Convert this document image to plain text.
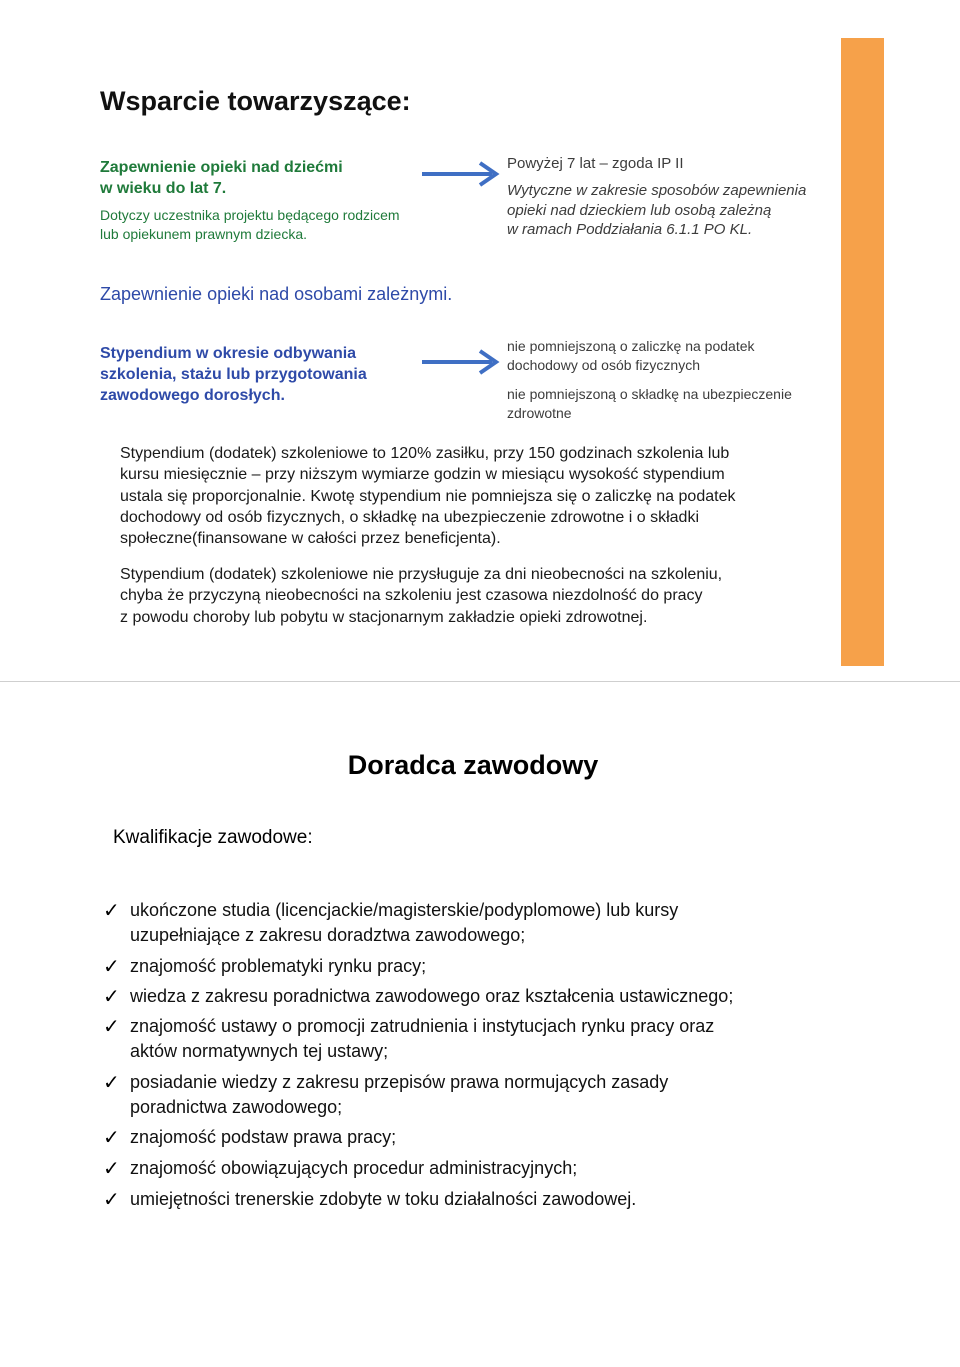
Wsparcie towarzyszące:
Zapewnienie opieki nad dziećmi
w wieku do lat 7.
Dotyczy uczestnika projektu będącego rodzicem
lub opiekunem prawnym dziecka.
Powyżej 7 lat – zgoda IP II
Wytyczne w zakresie sposobów zapewnienia
opieki nad dzieckiem lub osobą zależną
w ramach Poddziałania 6.1.1 PO KL.
Zapewnienie opieki nad osobami zależnymi.
Stypendium w okresie odbywania
szkolenia, stażu lub przygotowania
zawodowego dorosłych.
nie pomniejszoną o zaliczkę na podatek
dochodowy od osób fizycznych
nie pomniejszoną o składkę na ubezpieczenie
zdrowotne
Stypendium (dodatek) szkoleniowe to 120% zasiłku, przy 150 godzinach szkolenia lub
kursu miesięcznie – przy niższym wymiarze godzin w miesiącu wysokość stypendium
ustala się proporcjonalnie. Kwotę stypendium nie pomniejsza się o zaliczkę na podatek
dochodowy od osób fizycznych, o składkę na ubezpieczenie zdrowotne i o składki
społeczne(finansowane w całości przez beneficjenta).
Stypendium (dodatek) szkoleniowe nie przysługuje za dni nieobecności na szkoleniu,
chyba że przyczyną nieobecności na szkoleniu jest czasowa niezdolność do pracy
z powodu choroby lub pobytu w stacjonarnym zakładzie opieki zdrowotnej.
Doradca zawodowy
Kwalifikacje zawodowe:
✓ ukończone studia (licencjackie/magisterskie/podyplomowe) lub kursy
uzupełniające z zakresu doradztwa zawodowego;
✓ znajomość problematyki rynku pracy;
✓ wiedza z zakresu poradnictwa zawodowego oraz kształcenia ustawicznego;
✓ znajomość ustawy o promocji zatrudnienia i instytucjach rynku pracy oraz
aktów normatywnych tej ustawy;
✓ posiadanie wiedzy z zakresu przepisów prawa normujących zasady
poradnictwa zawodowego;
✓ znajomość podstaw prawa pracy;
✓ znajomość obowiązujących procedur administracyjnych;
✓ umiejętności trenerskie zdobyte w toku działalności zawodowej.
